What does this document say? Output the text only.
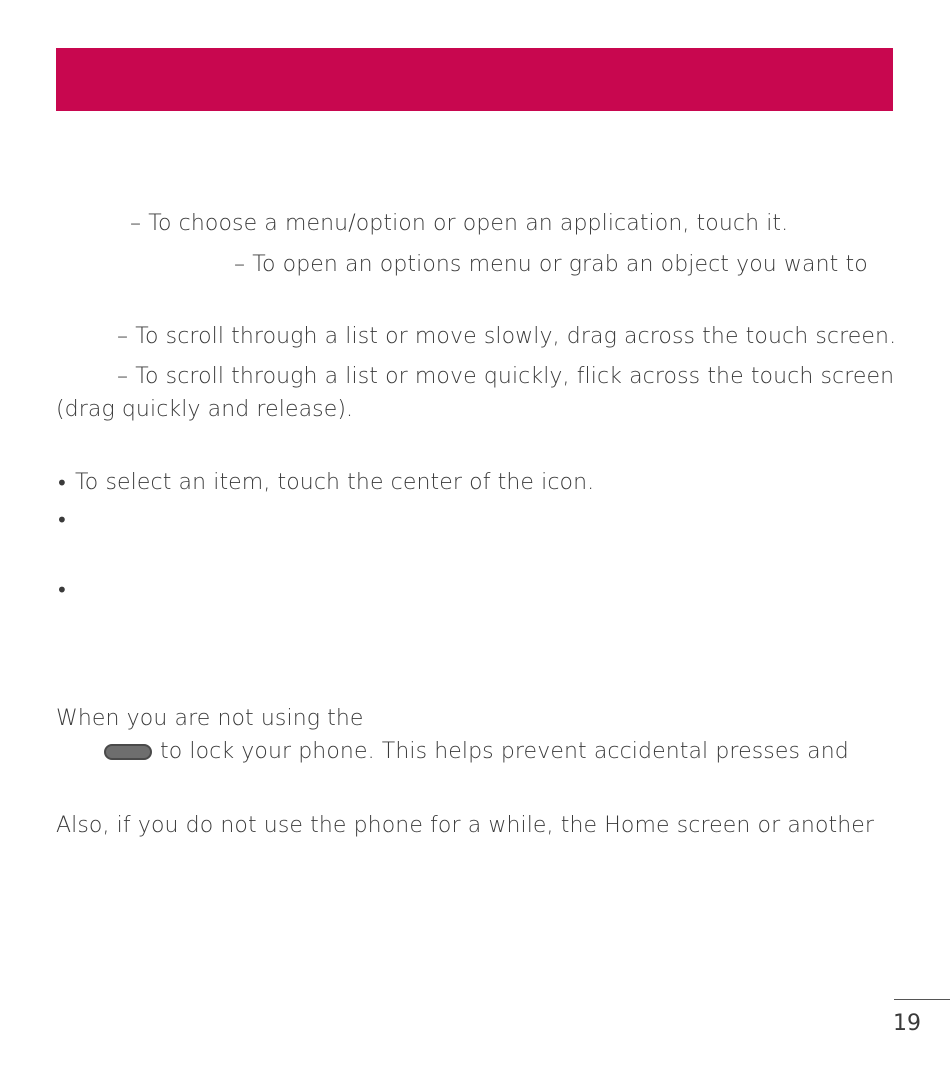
– To choose a menu/option or open an application, touch it.
– To open an options menu or grab an object you want to
– To scroll through a list or move slowly, drag across the touch screen.
– To scroll through a list or move quickly, flick across the touch screen
(drag quickly and release).
• To select an item, touch the center of the icon.
•
•
When you are not using the
to lock your phone. This helps prevent accidental presses and
Also, if you do not use the phone for a while, the Home screen or another
19
